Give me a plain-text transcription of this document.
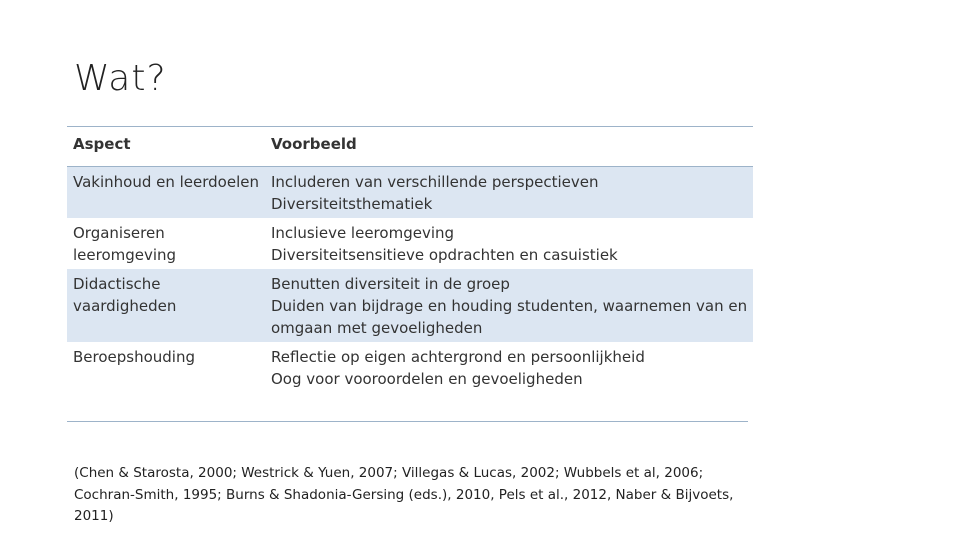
Wat?
Aspect	Voorbeeld

Vakinhoud en leerdoelen	Includeren van verschillende perspectieven
Diversiteitsthematiek

Organiseren
leeromgeving	Inclusieve leeromgeving
Diversiteitsensitieve opdrachten en casuistiek

Didactische
vaardigheden	Benutten diversiteit in de groep
Duiden van bijdrage en houding studenten, waarnemen van en
omgaan met gevoeligheden

Beroepshouding	Reflectie op eigen achtergrond en persoonlijkheid
Oog voor vooroordelen en gevoeligheden

(Chen & Starosta, 2000; Westrick & Yuen, 2007; Villegas & Lucas, 2002; Wubbels et al, 2006;
Cochran-Smith, 1995; Burns & Shadonia-Gersing (eds.), 2010, Pels et al., 2012, Naber & Bijvoets,
2011)
